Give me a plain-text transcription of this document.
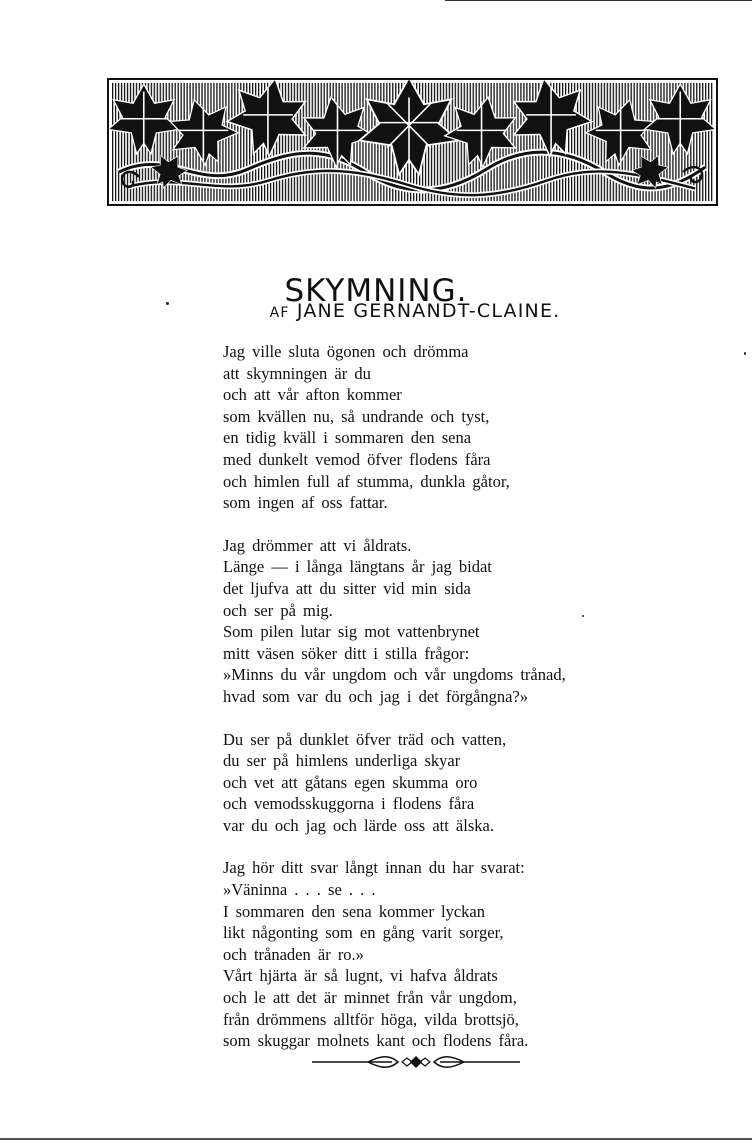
SKYMNING.
AF JANE GERNANDT-CLAINE.
Jag ville sluta ögonen och drömma
att skymningen är du
och att vår afton kommer
som kvällen nu, så undrande och tyst,
en tidig kväll i sommaren den sena
med dunkelt vemod öfver flodens fåra
och himlen full af stumma, dunkla gåtor,
som ingen af oss fattar.
Jag drömmer att vi åldrats.
Länge — i långa längtans år jag bidat
det ljufva att du sitter vid min sida
och ser på mig.
Som pilen lutar sig mot vattenbrynet
mitt väsen söker ditt i stilla frågor:
»Minns du vår ungdom och vår ungdoms trånad,
hvad som var du och jag i det förgångna?»
Du ser på dunklet öfver träd och vatten,
du ser på himlens underliga skyar
och vet att gåtans egen skumma oro
och vemodsskuggorna i flodens fåra
var du och jag och lärde oss att älska.
Jag hör ditt svar långt innan du har svarat:
»Väninna . . . se . . .
I sommaren den sena kommer lyckan
likt någonting som en gång varit sorger,
och trånaden är ro.»
Vårt hjärta är så lugnt, vi hafva åldrats
och le att det är minnet från vår ungdom,
från drömmens alltför höga, vilda brottsjö,
som skuggar molnets kant och flodens fåra.
